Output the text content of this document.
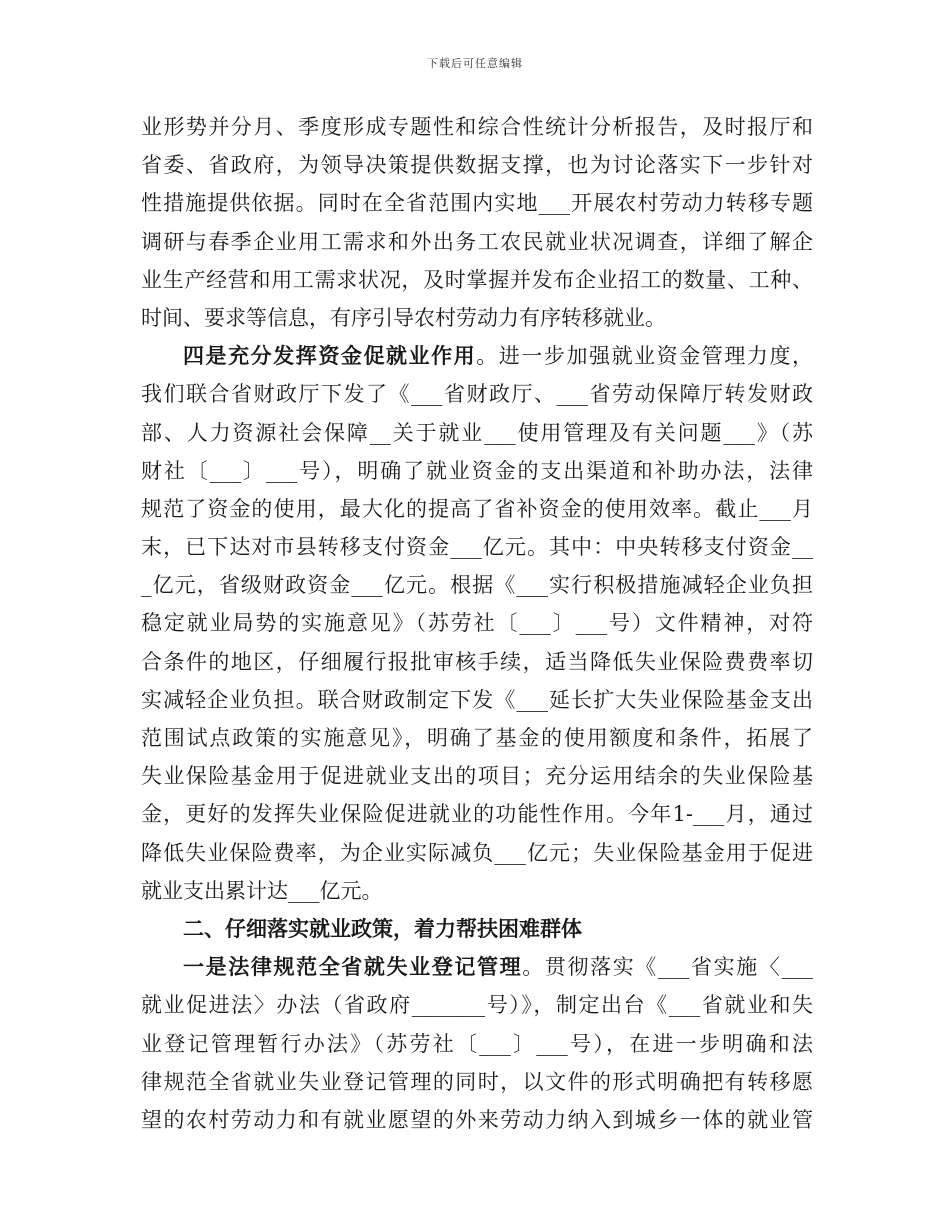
下载后可任意编辑
业形势并分月、季度形成专题性和综合性统计分析报告，及时报厅和
省委、省政府，为领导决策提供数据支撑，也为讨论落实下一步针对
性措施提供依据。同时在全省范围内实地___开展农村劳动力转移专题
调研与春季企业用工需求和外出务工农民就业状况调查，详细了解企
业生产经营和用工需求状况，及时掌握并发布企业招工的数量、工种、
时间、要求等信息，有序引导农村劳动力有序转移就业。
四是充分发挥资金促就业作用。进一步加强就业资金管理力度，
我们联合省财政厅下发了《___省财政厅、___省劳动保障厅转发财政
部、人力资源社会保障__关于就业___使用管理及有关问题___》（苏
财社〔___〕___号），明确了就业资金的支出渠道和补助办法，法律
规范了资金的使用，最大化的提高了省补资金的使用效率。截止___月
末，已下达对市县转移支付资金___亿元。其中：中央转移支付资金__
_亿元，省级财政资金___亿元。根据《___实行积极措施减轻企业负担
稳定就业局势的实施意见》（苏劳社〔___〕___号）文件精神，对符
合条件的地区，仔细履行报批审核手续，适当降低失业保险费费率切
实减轻企业负担。联合财政制定下发《___延长扩大失业保险基金支出
范围试点政策的实施意见》，明确了基金的使用额度和条件，拓展了
失业保险基金用于促进就业支出的项目；充分运用结余的失业保险基
金，更好的发挥失业保险促进就业的功能性作用。今年1-___月，通过
降低失业保险费率，为企业实际减负___亿元；失业保险基金用于促进
就业支出累计达___亿元。
二、仔细落实就业政策，着力帮扶困难群体
一是法律规范全省就失业登记管理。贯彻落实《___省实施〈___
就业促进法〉办法（省政府_______号）》，制定出台《___省就业和失
业登记管理暂行办法》（苏劳社〔___〕___号），在进一步明确和法
律规范全省就业失业登记管理的同时，以文件的形式明确把有转移愿
望的农村劳动力和有就业愿望的外来劳动力纳入到城乡一体的就业管
